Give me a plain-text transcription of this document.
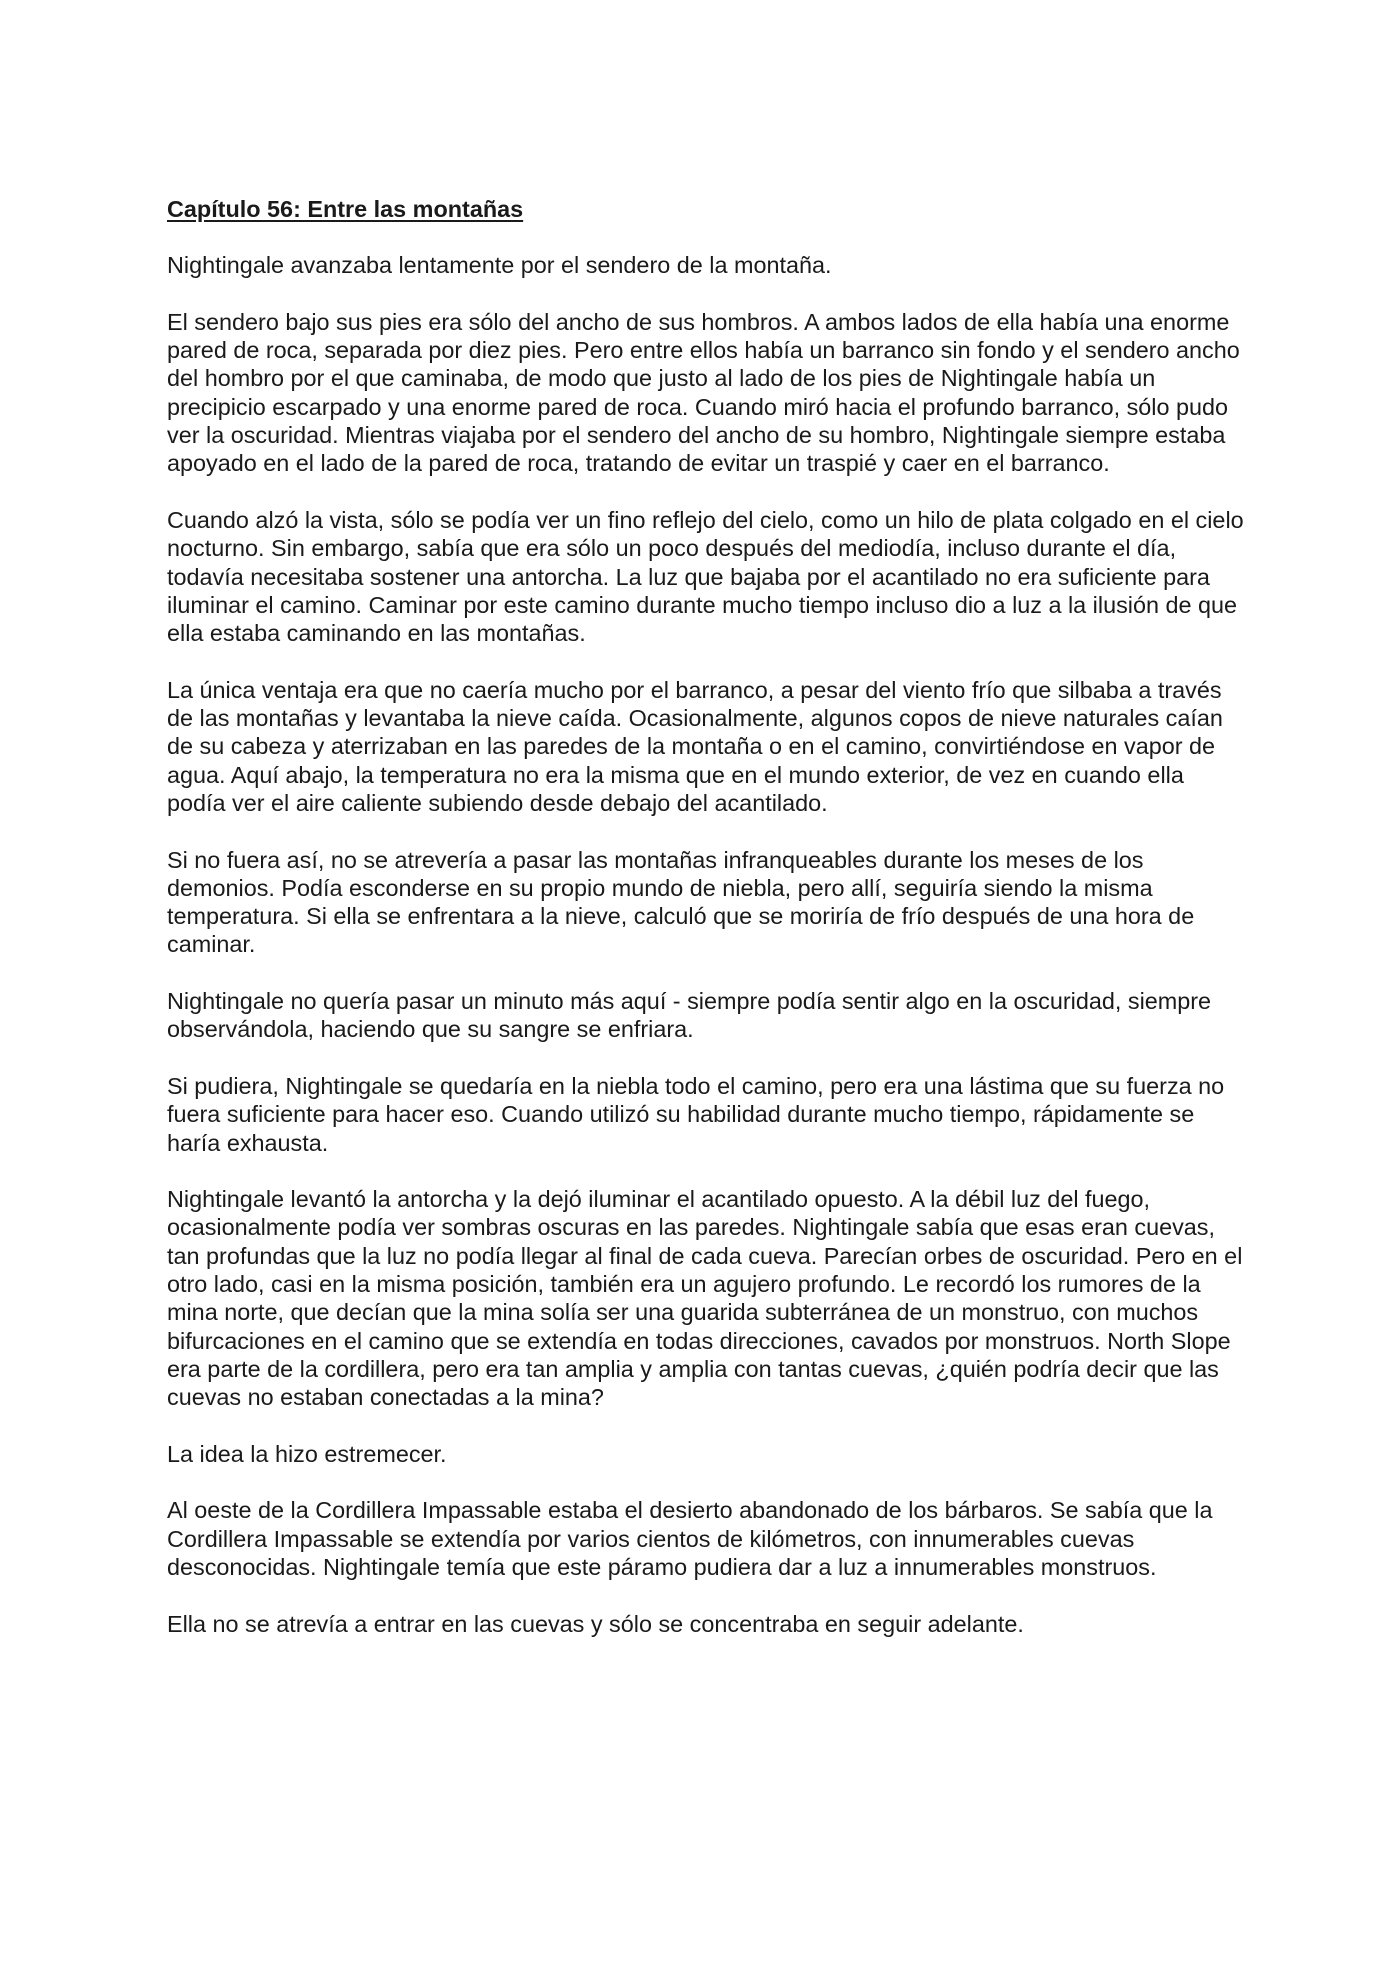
Capítulo 56: Entre las montañas

Nightingale avanzaba lentamente por el sendero de la montaña.

El sendero bajo sus pies era sólo del ancho de sus hombros. A ambos lados de ella había una enorme pared de roca, separada por diez pies. Pero entre ellos había un barranco sin fondo y el sendero ancho del hombro por el que caminaba, de modo que justo al lado de los pies de Nightingale había un precipicio escarpado y una enorme pared de roca. Cuando miró hacia el profundo barranco, sólo pudo ver la oscuridad. Mientras viajaba por el sendero del ancho de su hombro, Nightingale siempre estaba apoyado en el lado de la pared de roca, tratando de evitar un traspié y caer en el barranco.

Cuando alzó la vista, sólo se podía ver un fino reflejo del cielo, como un hilo de plata colgado en el cielo nocturno. Sin embargo, sabía que era sólo un poco después del mediodía, incluso durante el día, todavía necesitaba sostener una antorcha. La luz que bajaba por el acantilado no era suficiente para iluminar el camino. Caminar por este camino durante mucho tiempo incluso dio a luz a la ilusión de que ella estaba caminando en las montañas.

La única ventaja era que no caería mucho por el barranco, a pesar del viento frío que silbaba a través de las montañas y levantaba la nieve caída. Ocasionalmente, algunos copos de nieve naturales caían de su cabeza y aterrizaban en las paredes de la montaña o en el camino, convirtiéndose en vapor de agua. Aquí abajo, la temperatura no era la misma que en el mundo exterior, de vez en cuando ella podía ver el aire caliente subiendo desde debajo del acantilado.

Si no fuera así, no se atrevería a pasar las montañas infranqueables durante los meses de los demonios. Podía esconderse en su propio mundo de niebla, pero allí, seguiría siendo la misma temperatura. Si ella se enfrentara a la nieve, calculó que se moriría de frío después de una hora de caminar.

Nightingale no quería pasar un minuto más aquí - siempre podía sentir algo en la oscuridad, siempre observándola, haciendo que su sangre se enfriara.

Si pudiera, Nightingale se quedaría en la niebla todo el camino, pero era una lástima que su fuerza no fuera suficiente para hacer eso. Cuando utilizó su habilidad durante mucho tiempo, rápidamente se haría exhausta.

Nightingale levantó la antorcha y la dejó iluminar el acantilado opuesto. A la débil luz del fuego, ocasionalmente podía ver sombras oscuras en las paredes. Nightingale sabía que esas eran cuevas, tan profundas que la luz no podía llegar al final de cada cueva. Parecían orbes de oscuridad. Pero en el otro lado, casi en la misma posición, también era un agujero profundo. Le recordó los rumores de la mina norte, que decían que la mina solía ser una guarida subterránea de un monstruo, con muchos bifurcaciones en el camino que se extendía en todas direcciones, cavados por monstruos. North Slope era parte de la cordillera, pero era tan amplia y amplia con tantas cuevas, ¿quién podría decir que las cuevas no estaban conectadas a la mina?

La idea la hizo estremecer.

Al oeste de la Cordillera Impassable estaba el desierto abandonado de los bárbaros. Se sabía que la Cordillera Impassable se extendía por varios cientos de kilómetros, con innumerables cuevas desconocidas. Nightingale temía que este páramo pudiera dar a luz a innumerables monstruos.

Ella no se atrevía a entrar en las cuevas y sólo se concentraba en seguir adelante.
